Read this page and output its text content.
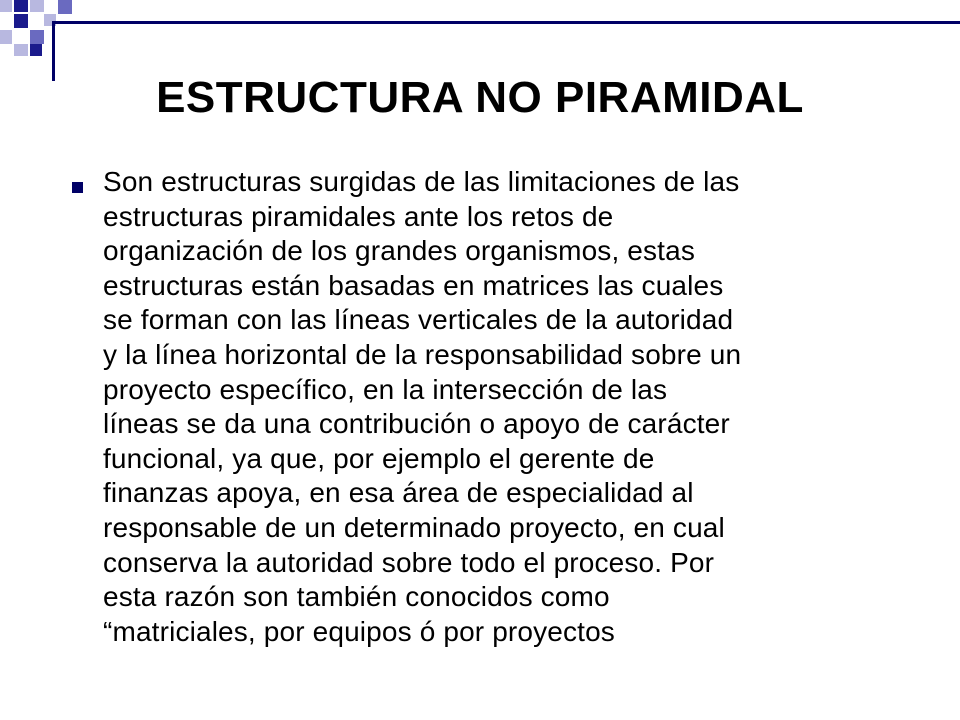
ESTRUCTURA NO PIRAMIDAL
Son estructuras surgidas de las limitaciones de las
estructuras piramidales ante los retos de
organización de los grandes organismos, estas
estructuras están basadas en matrices las cuales
se forman con las líneas verticales de la autoridad
y la línea horizontal de la responsabilidad sobre un
proyecto específico, en la intersección de las
líneas se da una contribución o apoyo de carácter
funcional, ya que, por ejemplo el gerente de
finanzas apoya, en esa área de especialidad al
responsable de un determinado proyecto, en cual
conserva la autoridad sobre todo el proceso. Por
esta razón son también conocidos como
“matriciales, por equipos ó por proyectos
